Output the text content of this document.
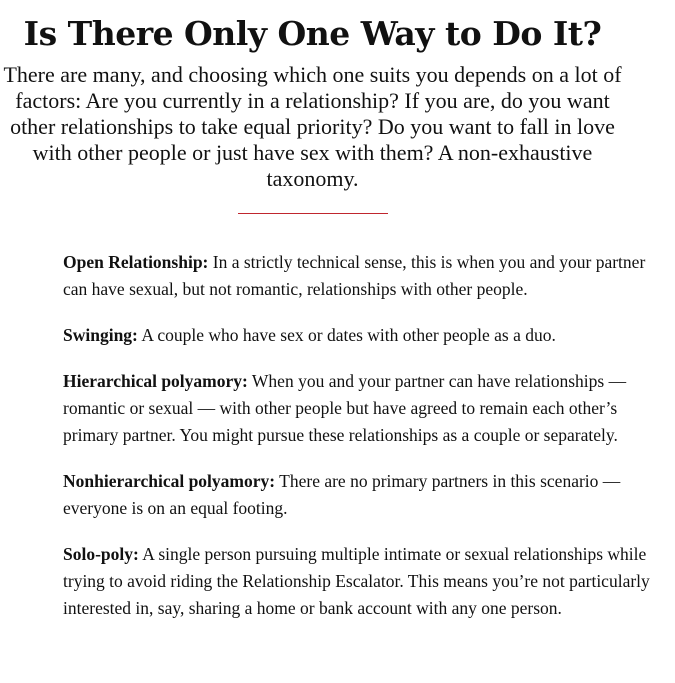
Is There Only One Way to Do It?

There are many, and choosing which one suits you depends on a lot of factors: Are you currently in a relationship? If you are, do you want other relationships to take equal priority? Do you want to fall in love with other people or just have sex with them? A non-exhaustive taxonomy.

Open Relationship: In a strictly technical sense, this is when you and your partner can have sexual, but not romantic, relationships with other people.

Swinging: A couple who have sex or dates with other people as a duo.

Hierarchical polyamory: When you and your partner can have relationships — romantic or sexual — with other people but have agreed to remain each other’s primary partner. You might pursue these relationships as a couple or separately.

Nonhierarchical polyamory: There are no primary partners in this scenario — everyone is on an equal footing.

Solo-poly: A single person pursuing multiple intimate or sexual relationships while trying to avoid riding the Relationship Escalator. This means you’re not particularly interested in, say, sharing a home or bank account with any one person.
